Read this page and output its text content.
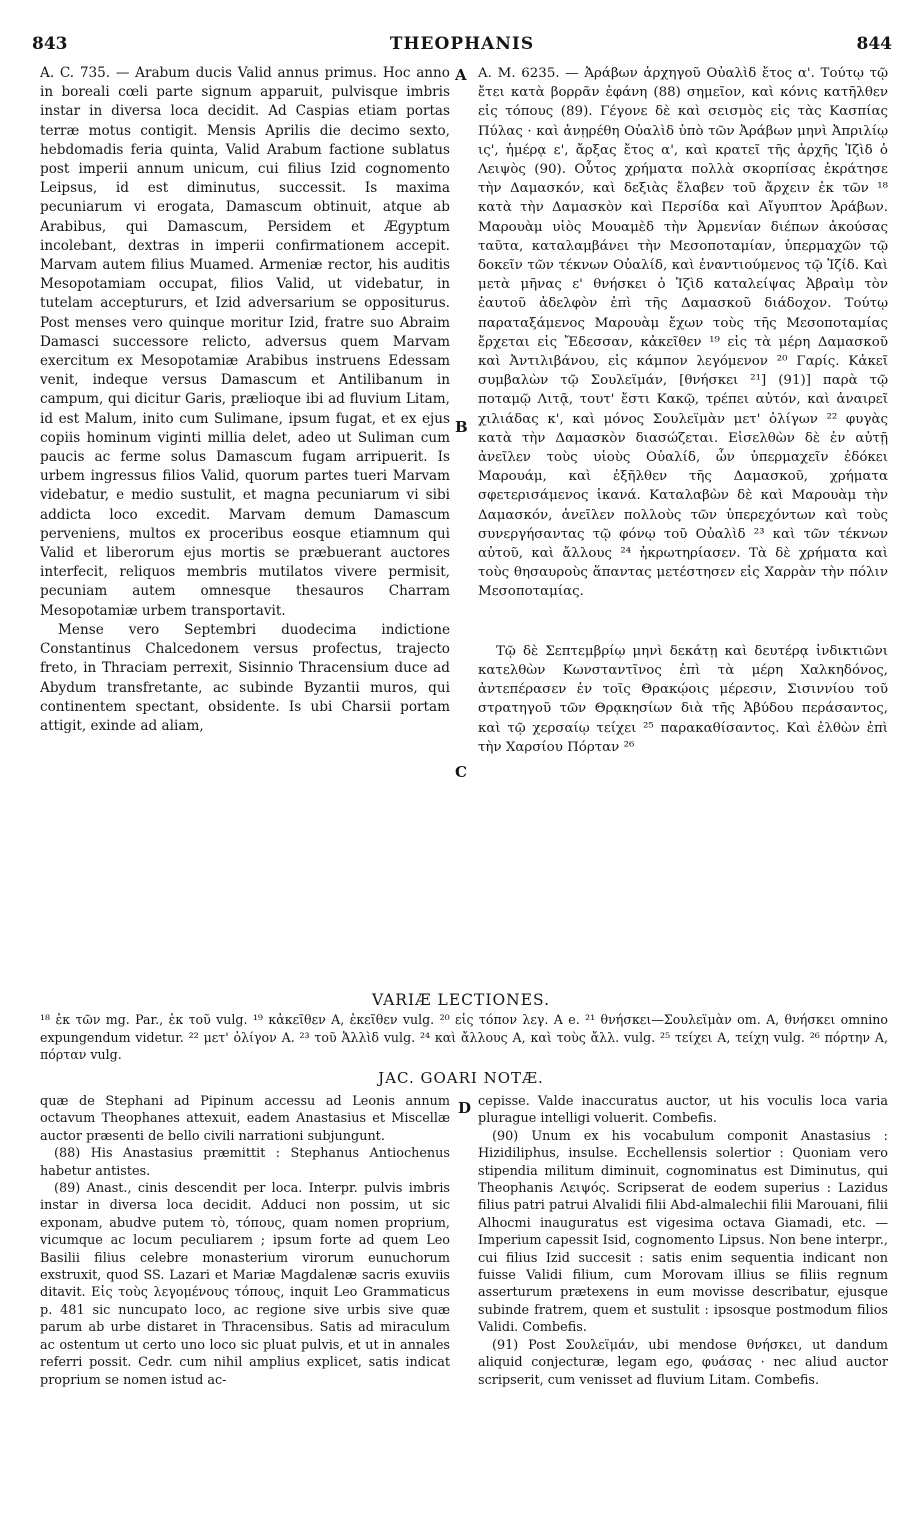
843	THEOPHANIS	844

A. C. 735. — Arabum ducis Valid annus primus. Hoc anno in boreali cœli parte signum apparuit, pulvisque imbris instar in diversa loca decidit. Ad Caspias etiam portas terræ motus contigit. Mensis Aprilis die decimo sexto, hebdomadis feria quinta, Valid Arabum factione sublatus post imperii annum unicum, cui filius Izid cognomento Leipsus, id est diminutus, successit. Is maxima pecuniarum vi erogata, Damascum obtinuit, atque ab Arabibus, qui Damascum, Persidem et Ægyptum incolebant, dextras in imperii confirmationem accepit. Marvam autem filius Muamed. Armeniæ rector, his auditis Mesopotamiam occupat, filios Valid, ut videbatur, in tutelam acceptururs, et Izid adversarium se oppositurus. Post menses vero quinque moritur Izid, fratre suo Abraim Damasci successore relicto, adversus quem Marvam exercitum ex Mesopotamiæ Arabibus instruens Edessam venit, indeque versus Damascum et Antilibanum in campum, qui dicitur Garis, prælioque ibi ad fluvium Litam, id est Malum, inito cum Sulimane, ipsum fugat, et ex ejus copiis hominum viginti millia delet, adeo ut Suliman cum paucis ac ferme solus Damascum fugam arripuerit. Is urbem ingressus filios Valid, quorum partes tueri Marvam videbatur, e medio sustulit, et magna pecuniarum vi sibi addicta loco excedit. Marvam demum Damascum perveniens, multos ex proceribus eosque etiamnum qui Valid et liberorum ejus mortis se præbuerant auctores interfecit, reliquos membris mutilatos vivere permisit, pecuniam autem omnesque thesauros Charram Mesopotamiæ urbem transportavit.

Mense vero Septembri duodecima indictione Constantinus Chalcedonem versus profectus, trajecto freto, in Thraciam perrexit, Sisinnio Thracensium duce ad Abydum transfretante, ac subinde Byzantii muros, qui continentem spectant, obsidente. Is ubi Charsii portam attigit, exinde ad aliam,

A
B
C
D

A. M. 6235. — Ἀράβων ἀρχηγοῦ Οὐαλὶδ ἔτος α'. Τούτῳ τῷ ἔτει κατὰ βορρᾶν ἐφάνη (88) σημεῖον, καὶ κόνις κατῆλθεν εἰς τόπους (89). Γέγονε δὲ καὶ σεισμὸς εἰς τὰς Κασπίας Πύλας · καὶ ἀνῃρέθη Οὐαλὶδ ὑπὸ τῶν Ἀράβων μηνὶ Ἀπριλίῳ ις', ἡμέρᾳ ε', ἄρξας ἔτος α', καὶ κρατεῖ τῆς ἀρχῆς Ἰζὶδ ὁ Λειψὸς (90). Οὗτος χρήματα πολλὰ σκορπίσας ἐκράτησε τὴν Δαμασκόν, καὶ δεξιὰς ἔλαβεν τοῦ ἄρχειν ἐκ τῶν ¹⁸ κατὰ τὴν Δαμασκὸν καὶ Περσίδα καὶ Αἴγυπτον Ἀράβων. Μαρουὰμ υἱὸς Μουαμὲδ τὴν Ἀρμενίαν διέπων ἀκούσας ταῦτα, καταλαμβάνει τὴν Μεσοποταμίαν, ὑπερμαχῶν τῷ δοκεῖν τῶν τέκνων Οὐαλίδ, καὶ ἐναντιούμενος τῷ Ἰζίδ. Καὶ μετὰ μῆνας ε' θνήσκει ὁ Ἰζὶδ καταλείψας Ἀβραὶμ τὸν ἑαυτοῦ ἀδελφὸν ἐπὶ τῆς Δαμασκοῦ διάδοχον. Τούτῳ παραταξάμενος Μαρουὰμ ἔχων τοὺς τῆς Μεσοποταμίας ἔρχεται εἰς Ἔδεσσαν, κἀκεῖθεν ¹⁹ εἰς τὰ μέρη Δαμασκοῦ καὶ Ἀντιλιβάνου, εἰς κάμπον λεγόμενον ²⁰ Γαρίς. Κἀκεῖ συμβαλὼν τῷ Σουλεϊμάν, [θνήσκει ²¹] (91)] παρὰ τῷ ποταμῷ Λιτᾷ, τουτ' ἔστι Κακῷ, τρέπει αὐτόν, καὶ ἀναιρεῖ χιλιάδας κ', καὶ μόνος Σουλεϊμὰν μετ' ὀλίγων ²² φυγὰς κατὰ τὴν Δαμασκὸν διασώζεται. Εἰσελθὼν δὲ ἐν αὐτῇ ἀνεῖλεν τοὺς υἱοὺς Οὐαλίδ, ὧν ὑπερμαχεῖν ἐδόκει Μαρουάμ, καὶ ἐξῆλθεν τῆς Δαμασκοῦ, χρήματα σφετερισάμενος ἱκανά. Καταλαβὼν δὲ καὶ Μαρουὰμ τὴν Δαμασκόν, ἀνεῖλεν πολλοὺς τῶν ὑπερεχόντων καὶ τοὺς συνεργήσαντας τῷ φόνῳ τοῦ Οὐαλὶδ ²³ καὶ τῶν τέκνων αὐτοῦ, καὶ ἄλλους ²⁴ ἠκρωτηρίασεν. Τὰ δὲ χρήματα καὶ τοὺς θησαυροὺς ἅπαντας μετέστησεν εἰς Χαρρὰν τὴν πόλιν Μεσοποταμίας.

Τῷ δὲ Σεπτεμβρίῳ μηνὶ δεκάτῃ καὶ δευτέρᾳ ἰνδικτιῶνι κατελθὼν Κωνσταντῖνος ἐπὶ τὰ μέρη Χαλκηδόνος, ἀντεπέρασεν ἐν τοῖς Θρακῴοις μέρεσιν, Σισιννίου τοῦ στρατηγοῦ τῶν Θρᾳκησίων διὰ τῆς Ἀβύδου περάσαντος, καὶ τῷ χερσαίῳ τείχει ²⁵ παρακαθίσαντος. Καὶ ἐλθὼν ἐπὶ τὴν Χαρσίου Πόρταν ²⁶

VARIÆ LECTIONES.

¹⁸ ἐκ τῶν mg. Par., ἐκ τοῦ vulg. ¹⁹ κἀκεῖθεν A, ἐκεῖθεν vulg. ²⁰ εἰς τόπον λεγ. A e. ²¹ θνήσκει—Σουλεϊμὰν om. A, θνήσκει omnino expungendum videtur. ²² μετ' ὀλίγον A. ²³ τοῦ Ἀλλὶδ vulg. ²⁴ καὶ ἄλλους A, καὶ τοὺς ἄλλ. vulg. ²⁵ τείχει A, τείχη vulg. ²⁶ πόρτην A, πόρταν vulg.

JAC. GOARI NOTÆ.

quæ de Stephani ad Pipinum accessu ad Leonis annum octavum Theophanes attexuit, eadem Anastasius et Miscellæ auctor præsenti de bello civili narrationi subjungunt.

(88) His Anastasius præmittit : Stephanus Antiochenus habetur antistes.

(89) Anast., cinis descendit per loca. Interpr. pulvis imbris instar in diversa loca decidit. Adduci non possim, ut sic exponam, abudve putem τὸ, τόπους, quam nomen proprium, vicumque ac locum peculiarem ; ipsum forte ad quem Leo Basilii filius celebre monasterium virorum eunuchorum exstruxit, quod SS. Lazari et Mariæ Magdalenæ sacris exuviis ditavit. Εἰς τοὺς λεγομένους τόπους, inquit Leo Grammaticus p. 481 sic nuncupato loco, ac regione sive urbis sive quæ parum ab urbe distaret in Thracensibus. Satis ad miraculum ac ostentum ut certo uno loco sic pluat pulvis, et ut in annales referri possit. Cedr. cum nihil amplius explicet, satis indicat proprium se nomen istud ac-

cepisse. Valde inaccuratus auctor, ut his voculis loca varia plurague intelligi voluerit. Combefis.

(90) Unum ex his vocabulum componit Anastasius : Hizidiliphus, insulse. Ecchellensis solertior : Quoniam vero stipendia militum diminuit, cognominatus est Diminutus, qui Theophanis Λειψός. Scripserat de eodem superius : Lazidus filius patri patrui Alvalidi filii Abd-almalechii filii Marouani, filii Alhocmi inauguratus est vigesima octava Giamadi, etc. — Imperium capessit Isid, cognomento Lipsus. Non bene interpr., cui filius Izid succesit : satis enim sequentia indicant non fuisse Validi filium, cum Morovam illius se filiis regnum asserturum prætexens in eum movisse describatur, ejusque subinde fratrem, quem et sustulit : ipsosque postmodum filios Validi. Combefis.

(91) Post Σουλεϊμάν, ubi mendose θνήσκει, ut dandum aliquid conjecturæ, legam ego, φυάσας · nec aliud auctor scripserit, cum venisset ad fluvium Litam. Combefis.
